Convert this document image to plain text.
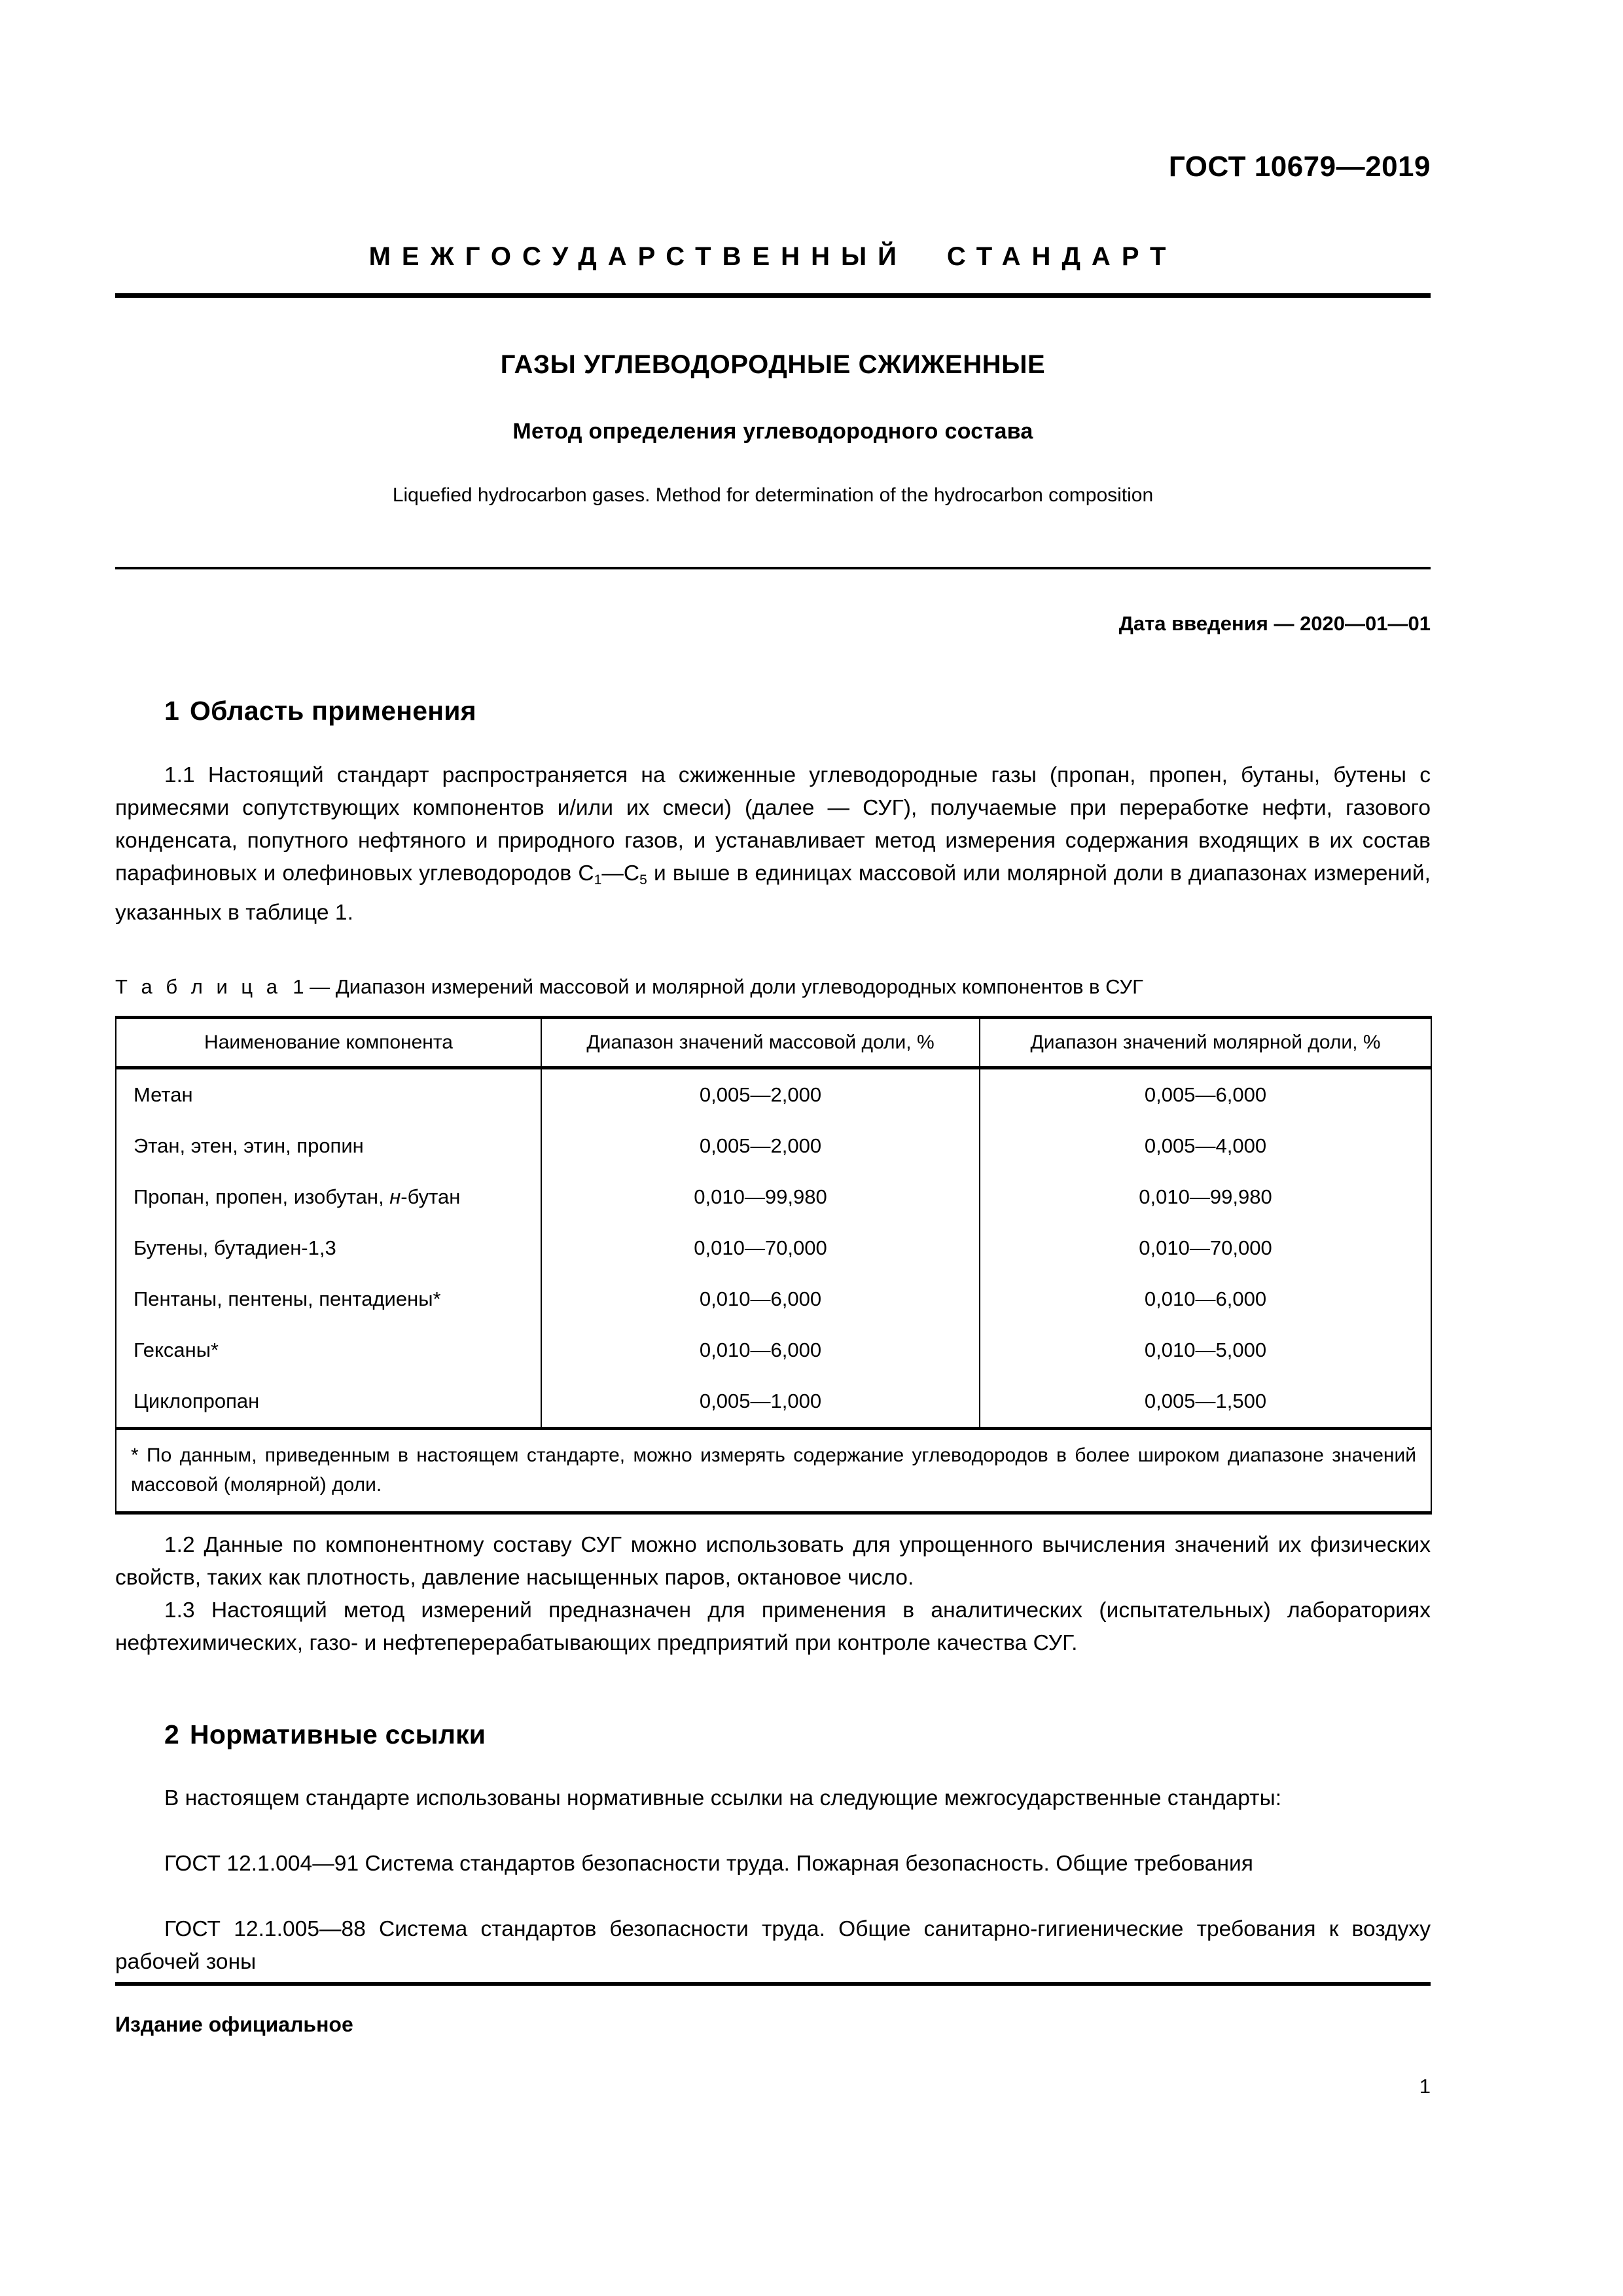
ГОСТ 10679—2019
МЕЖГОСУДАРСТВЕННЫЙ СТАНДАРТ
ГАЗЫ УГЛЕВОДОРОДНЫЕ СЖИЖЕННЫЕ
Метод определения углеводородного состава
Liquefied hydrocarbon gases. Method for determination of the hydrocarbon composition
Дата введения — 2020—01—01
1 Область применения
1.1 Настоящий стандарт распространяется на сжиженные углеводородные газы (пропан, пропен, бутаны, бутены с примесями сопутствующих компонентов и/или их смеси) (далее — СУГ), получаемые при переработке нефти, газового конденсата, попутного нефтяного и природного газов, и устанавливает метод измерения содержания входящих в их состав парафиновых и олефиновых углеводородов $C_1—C_5$ и выше в единицах массовой или молярной доли в диапазонах измерений, указанных в таблице 1.
Т а б л и ц а 1 — Диапазон измерений массовой и молярной доли углеводородных компонентов в СУГ
Наименование компонента	Диапазон значений массовой доли, %	Диапазон значений молярной доли, %
Метан	0,005—2,000	0,005—6,000
Этан, этен, этин, пропин	0,005—2,000	0,005—4,000
Пропан, пропен, изобутан, н-бутан	0,010—99,980	0,010—99,980
Бутены, бутадиен-1,3	0,010—70,000	0,010—70,000
Пентаны, пентены, пентадиены*	0,010—6,000	0,010—6,000
Гексаны*	0,010—6,000	0,010—5,000
Циклопропан	0,005—1,000	0,005—1,500

* По данным, приведенным в настоящем стандарте, можно измерять содержание углеводородов в более широком диапазоне значений массовой (молярной) доли.		
1.2 Данные по компонентному составу СУГ можно использовать для упрощенного вычисления значений их физических свойств, таких как плотность, давление насыщенных паров, октановое число.
1.3 Настоящий метод измерений предназначен для применения в аналитических (испытательных) лабораториях нефтехимических, газо- и нефтеперерабатывающих предприятий при контроле качества СУГ.
2 Нормативные ссылки
В настоящем стандарте использованы нормативные ссылки на следующие межгосударственные стандарты:
ГОСТ 12.1.004—91 Система стандартов безопасности труда. Пожарная безопасность. Общие требования
ГОСТ 12.1.005—88 Система стандартов безопасности труда. Общие санитарно-гигиенические требования к воздуху рабочей зоны
Издание официальное
1
